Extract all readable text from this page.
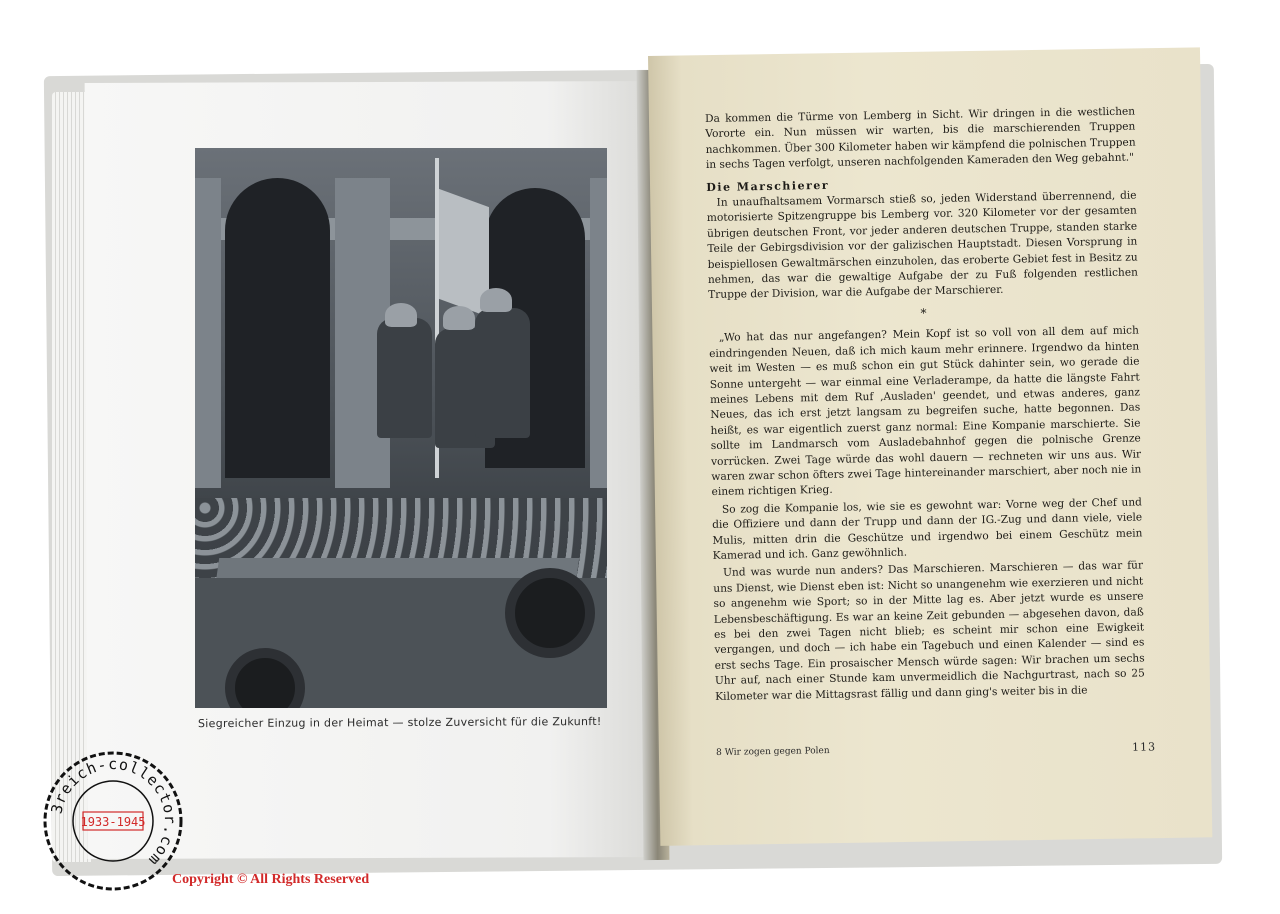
Siegreicher Einzug in der Heimat — stolze Zuversicht für die Zukunft!

Da kommen die Türme von Lemberg in Sicht. Wir dringen in die westlichen Vororte ein. Nun müssen wir warten, bis die marschierenden Truppen nachkommen. Über 300 Kilometer haben wir kämpfend die polnischen Truppen in sechs Tagen verfolgt, unseren nachfolgenden Kameraden den Weg gebahnt."

Die Marschierer

In unaufhaltsamem Vormarsch stieß so, jeden Widerstand überrennend, die motorisierte Spitzengruppe bis Lemberg vor. 320 Kilometer vor der gesamten übrigen deutschen Front, vor jeder anderen deutschen Truppe, standen starke Teile der Gebirgsdivision vor der galizischen Hauptstadt. Diesen Vorsprung in beispiellosen Gewaltmärschen einzuholen, das eroberte Gebiet fest in Besitz zu nehmen, das war die gewaltige Aufgabe der zu Fuß folgenden restlichen Truppe der Division, war die Aufgabe der Marschierer.

*

„Wo hat das nur angefangen? Mein Kopf ist so voll von all dem auf mich eindringenden Neuen, daß ich mich kaum mehr erinnere. Irgendwo da hinten weit im Westen — es muß schon ein gut Stück dahinter sein, wo gerade die Sonne untergeht — war einmal eine Verladerampe, da hatte die längste Fahrt meines Lebens mit dem Ruf ‚Ausladen' geendet, und etwas anderes, ganz Neues, das ich erst jetzt langsam zu begreifen suche, hatte begonnen. Das heißt, es war eigentlich zuerst ganz normal: Eine Kompanie marschierte. Sie sollte im Landmarsch vom Ausladebahnhof gegen die polnische Grenze vorrücken. Zwei Tage würde das wohl dauern — rechneten wir uns aus. Wir waren zwar schon öfters zwei Tage hintereinander marschiert, aber noch nie in einem richtigen Krieg.

So zog die Kompanie los, wie sie es gewohnt war: Vorne weg der Chef und die Offiziere und dann der Trupp und dann der IG.-Zug und dann viele, viele Mulis, mitten drin die Geschütze und irgendwo bei einem Geschütz mein Kamerad und ich. Ganz gewöhnlich.

Und was wurde nun anders? Das Marschieren. Marschieren — das war für uns Dienst, wie Dienst eben ist: Nicht so unangenehm wie exerzieren und nicht so angenehm wie Sport; so in der Mitte lag es. Aber jetzt wurde es unsere Lebensbeschäftigung. Es war an keine Zeit gebunden — abgesehen davon, daß es bei den zwei Tagen nicht blieb; es scheint mir schon eine Ewigkeit vergangen, und doch — ich habe ein Tagebuch und einen Kalender — sind es erst sechs Tage. Ein prosaischer Mensch würde sagen: Wir brachen um sechs Uhr auf, nach einer Stunde kam unvermeidlich die Nachgurtrast, nach so 25 Kilometer war die Mittagsrast fällig und dann ging's weiter bis in die

8 Wir zogen gegen Polen	113
3reich-collector.com
1933-1945
Copyright © All Rights Reserved
